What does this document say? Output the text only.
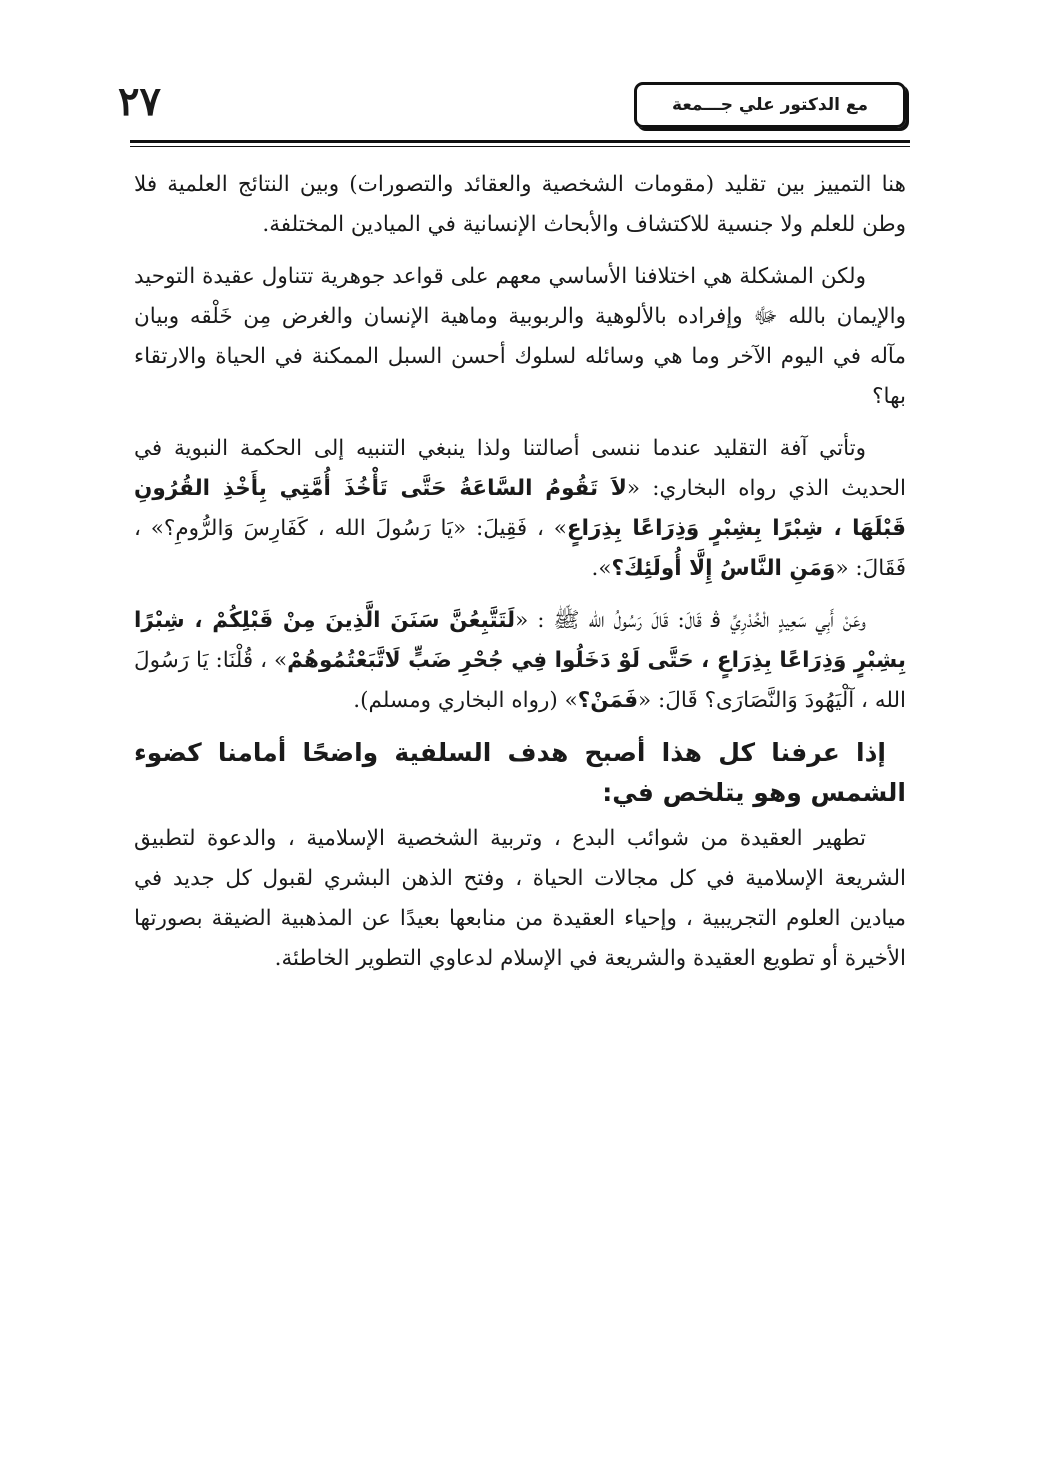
٢٧	مع الدكتور علي جـــمعة

هنا التمييز بين تقليد (مقومات الشخصية والعقائد والتصورات) وبين النتائج العلمية فلا وطن للعلم ولا جنسية للاكتشاف والأبحاث الإنسانية في الميادين المختلفة.

ولكن المشكلة هي اختلافنا الأساسي معهم على قواعد جوهرية تتناول عقيدة التوحيد والإيمان بالله ﷻ وإفراده بالألوهية والربوبية وماهية الإنسان والغرض مِن خَلْقه وبيان مآله في اليوم الآخر وما هي وسائله لسلوك أحسن السبل الممكنة في الحياة والارتقاء بها؟

وتأتي آفة التقليد عندما ننسى أصالتنا ولذا ينبغي التنبيه إلى الحكمة النبوية في الحديث الذي رواه البخاري: «لاَ تَقُومُ السَّاعَةُ حَتَّى تَأْخُذَ أُمَّتِي بِأَخْذِ القُرُونِ قَبْلَهَا ، شِبْرًا بِشِبْرٍ وَذِرَاعًا بِذِرَاعٍ» ، فَقِيلَ: «يَا رَسُولَ الله ، كَفَارِسَ وَالرُّومِ؟» ، فَقَالَ: «وَمَنِ النَّاسُ إِلَّا أُولَئِكَ؟».

وعَنْ أَبِي سَعِيدٍ الْخُدْرِيِّ ﭬ قَالَ: قَالَ رَسُولُ الله ﷺ : «لَتَتَّبِعُنَّ سَنَنَ الَّذِينَ مِنْ قَبْلِكُمْ ، شِبْرًا بِشِبْرٍ وَذِرَاعًا بِذِرَاعٍ ، حَتَّى لَوْ دَخَلُوا فِي جُحْرِ ضَبٍّ لَاتَّبَعْتُمُوهُمْ» ، قُلْنَا: يَا رَسُولَ الله ، آلْيَهُودَ وَالنَّصَارَى؟ قَالَ: «فَمَنْ؟» (رواه البخاري ومسلم).

إذا عرفنا كل هذا أصبح هدف السلفية واضحًا أمامنا كضوء الشمس وهو يتلخص في:

تطهير العقيدة من شوائب البدع ، وتربية الشخصية الإسلامية ، والدعوة لتطبيق الشريعة الإسلامية في كل مجالات الحياة ، وفتح الذهن البشري لقبول كل جديد في ميادين العلوم التجريبية ، وإحياء العقيدة من منابعها بعيدًا عن المذهبية الضيقة بصورتها الأخيرة أو تطويع العقيدة والشريعة في الإسلام لدعاوي التطوير الخاطئة.
